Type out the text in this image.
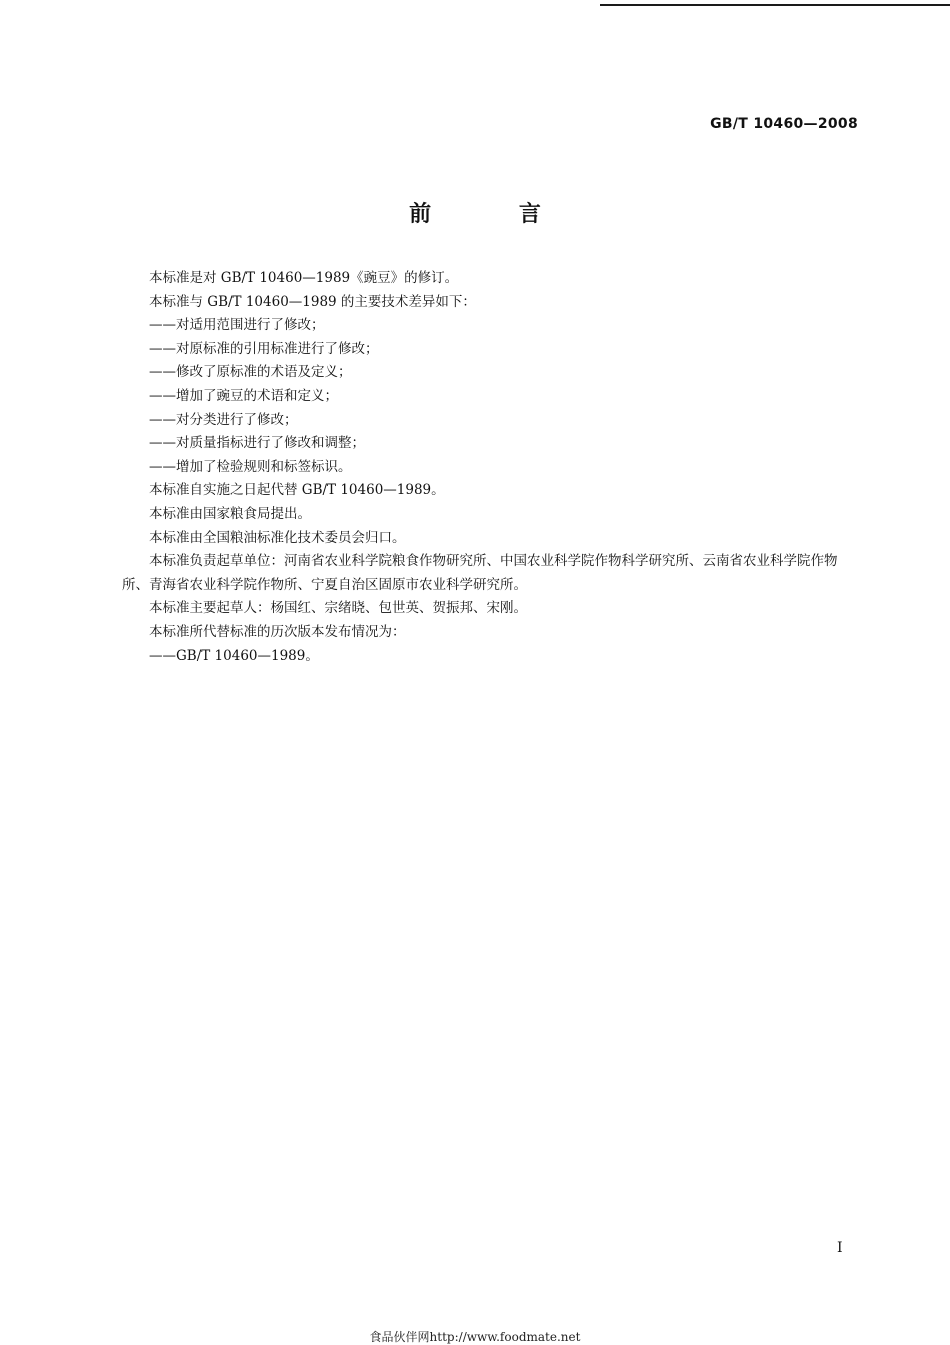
GB/T 10460—2008
前 言

本标准是对 GB/T 10460—1989《豌豆》的修订。

本标准与 GB/T 10460—1989 的主要技术差异如下：

——对适用范围进行了修改；

——对原标准的引用标准进行了修改；

——修改了原标准的术语及定义；

——增加了豌豆的术语和定义；

——对分类进行了修改；

——对质量指标进行了修改和调整；

——增加了检验规则和标签标识。

本标准自实施之日起代替 GB/T 10460—1989。

本标准由国家粮食局提出。

本标准由全国粮油标准化技术委员会归口。

本标准负责起草单位：河南省农业科学院粮食作物研究所、中国农业科学院作物科学研究所、云南省农业科学院作物所、青海省农业科学院作物所、宁夏自治区固原市农业科学研究所。

本标准主要起草人：杨国红、宗绪晓、包世英、贺振邦、宋刚。

本标准所代替标准的历次版本发布情况为：

——GB/T 10460—1989。

I
食品伙伴网http://www.foodmate.net
